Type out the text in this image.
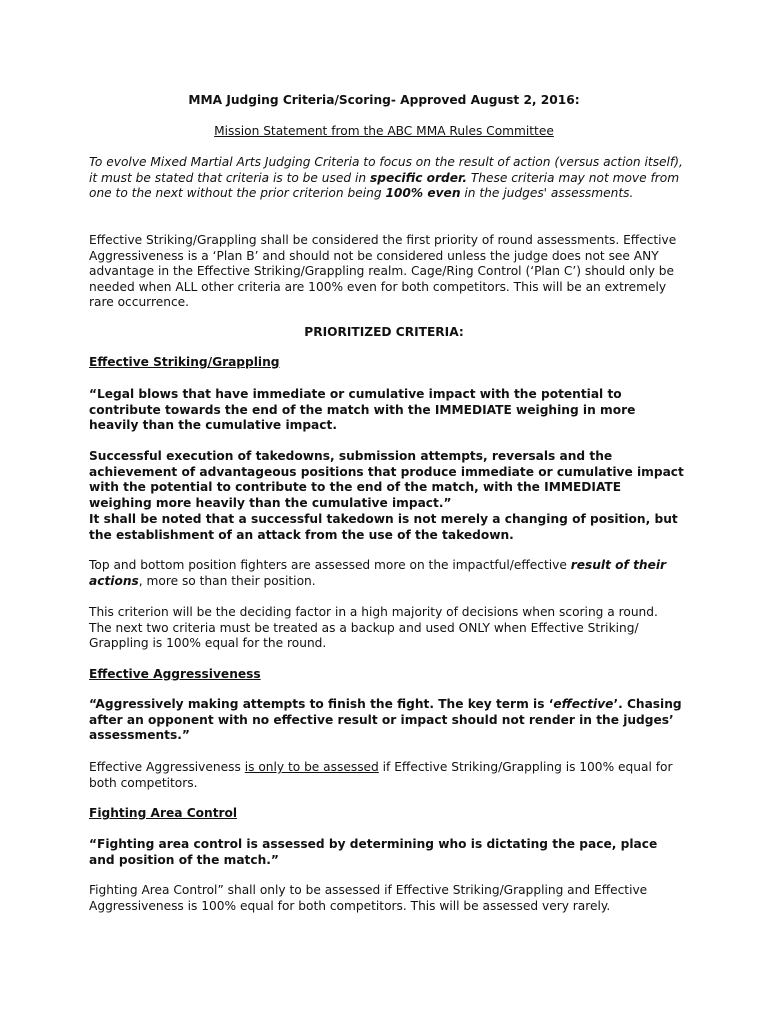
MMA Judging Criteria/Scoring- Approved August 2, 2016:

Mission Statement from the ABC MMA Rules Committee

To evolve Mixed Martial Arts Judging Criteria to focus on the result of action (versus action itself), it must be stated that criteria is to be used in specific order. These criteria may not move from one to the next without the prior criterion being 100% even in the judges' assessments.

Effective Striking/Grappling shall be considered the first priority of round assessments. Effective Aggressiveness is a ‘Plan B’ and should not be considered unless the judge does not see ANY advantage in the Effective Striking/Grappling realm. Cage/Ring Control (‘Plan C’) should only be needed when ALL other criteria are 100% even for both competitors. This will be an extremely rare occurrence.

PRIORITIZED CRITERIA:

Effective Striking/Grappling

“Legal blows that have immediate or cumulative impact with the potential to contribute towards the end of the match with the IMMEDIATE weighing in more heavily than the cumulative impact.

Successful execution of takedowns, submission attempts, reversals and the achievement of advantageous positions that produce immediate or cumulative impact with the potential to contribute to the end of the match, with the IMMEDIATE weighing more heavily than the cumulative impact.”

It shall be noted that a successful takedown is not merely a changing of position, but the establishment of an attack from the use of the takedown.

Top and bottom position fighters are assessed more on the impactful/effective result of their actions, more so than their position.

This criterion will be the deciding factor in a high majority of decisions when scoring a round. The next two criteria must be treated as a backup and used ONLY when Effective Striking/ Grappling is 100% equal for the round.

Effective Aggressiveness

“Aggressively making attempts to finish the fight. The key term is ‘effective’. Chasing after an opponent with no effective result or impact should not render in the judges’ assessments.”

Effective Aggressiveness is only to be assessed if Effective Striking/Grappling is 100% equal for both competitors.

Fighting Area Control

“Fighting area control is assessed by determining who is dictating the pace, place and position of the match.”

Fighting Area Control” shall only to be assessed if Effective Striking/Grappling and Effective Aggressiveness is 100% equal for both competitors. This will be assessed very rarely.
